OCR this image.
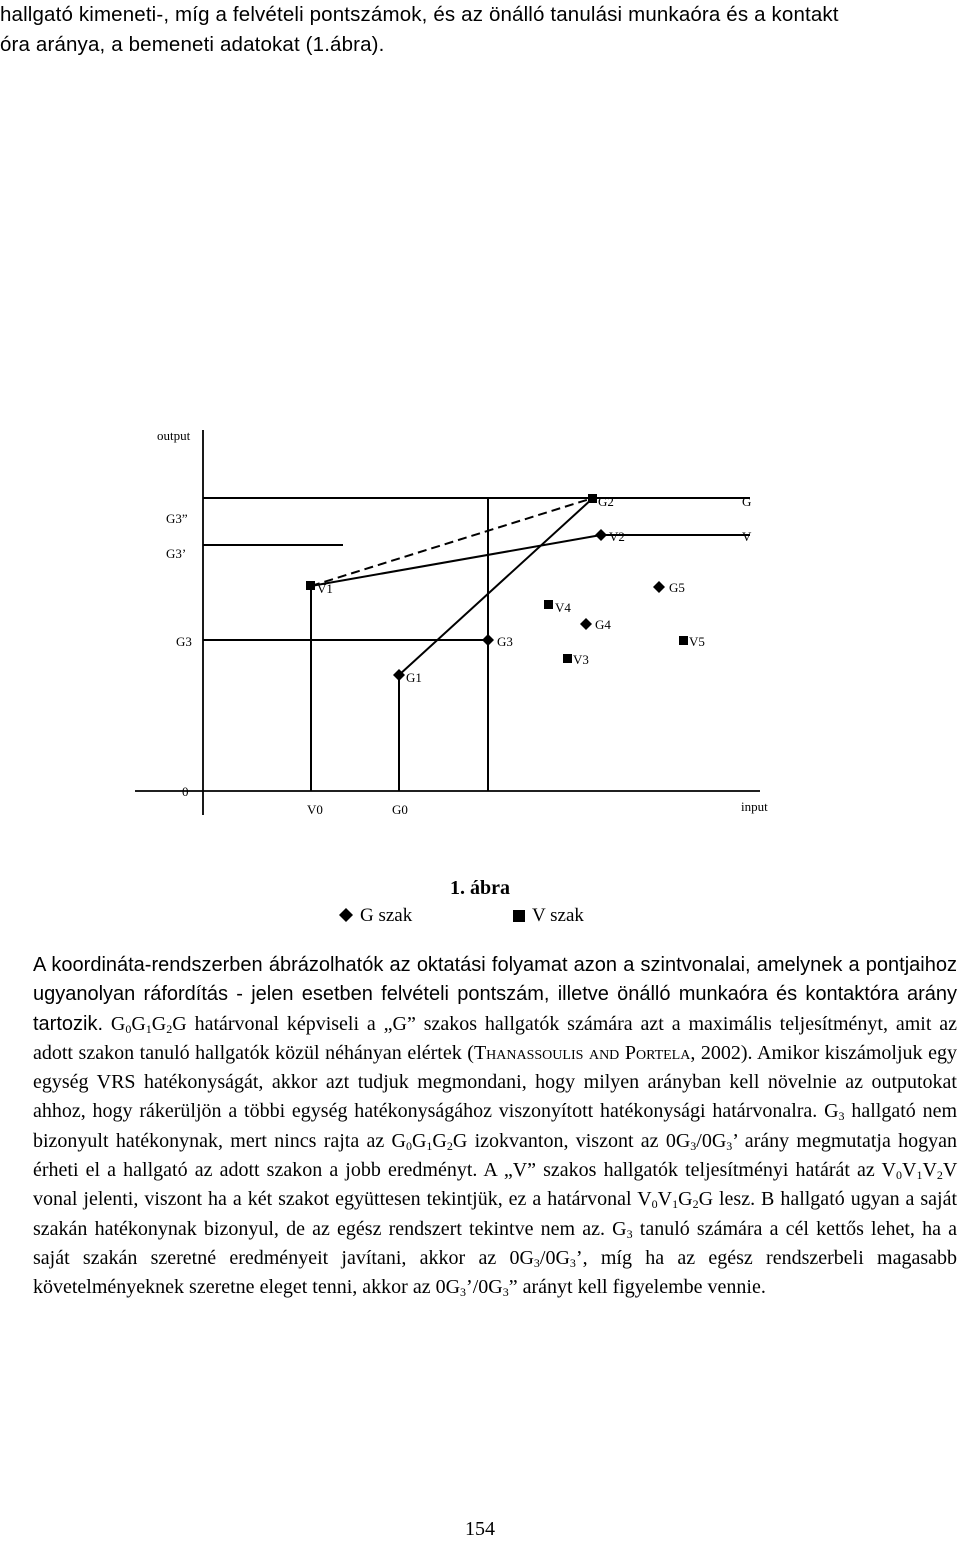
hallgató kimeneti-, míg a felvételi pontszámok, és az önálló tanulási munkaóra és a kontakt

óra aránya, a bemeneti adatokat (1.ábra).

output
input
0
G3”
G3’
G3
V0	G0
V1
G2
V2
G3
G1
V4
G4
V3
G5
V5
G
V
1. ábra
G szak	V szak

A koordináta-rendszerben ábrázolhatók az oktatási folyamat azon a szintvonalai, amelynek a pontjaihoz ugyanolyan ráfordítás - jelen esetben felvételi pontszám, illetve önálló munkaóra és kontaktóra arány tartozik. $G_0G_1G_2G$ határvonal képviseli a „G” szakos hallgatók számára azt a maximális teljesítményt, amit az adott szakon tanuló hallgatók közül néhányan elértek (Thanassoulis and Portela, 2002). Amikor kiszámoljuk egy egység VRS hatékonyságát, akkor azt tudjuk megmondani, hogy milyen arányban kell növelnie az outputokat ahhoz, hogy rákerüljön a többi egység hatékonyságához viszonyított hatékonysági határvonalra. $G_3$ hallgató nem bizonyult hatékonynak, mert nincs rajta az $G_0G_1G_2G$ izokvanton, viszont az $0G_3/0G_3$’ arány megmutatja hogyan érheti el a hallgató az adott szakon a jobb eredményt. A „V” szakos hallgatók teljesítményi határát az $V_0V_1V_2V$ vonal jelenti, viszont ha a két szakot együttesen tekintjük, ez a határvonal $V_0V_1G_2G$ lesz. B hallgató ugyan a saját szakán hatékonynak bizonyul, de az egész rendszert tekintve nem az. $G_3$ tanuló számára a cél kettős lehet, ha a saját szakán szeretné eredményeit javítani, akkor az $0G_3/0G_3$’, míg ha az egész rendszerbeli magasabb követelményeknek szeretne eleget tenni, akkor az $0G_3’/0G_3$” arányt kell figyelembe vennie.

154
